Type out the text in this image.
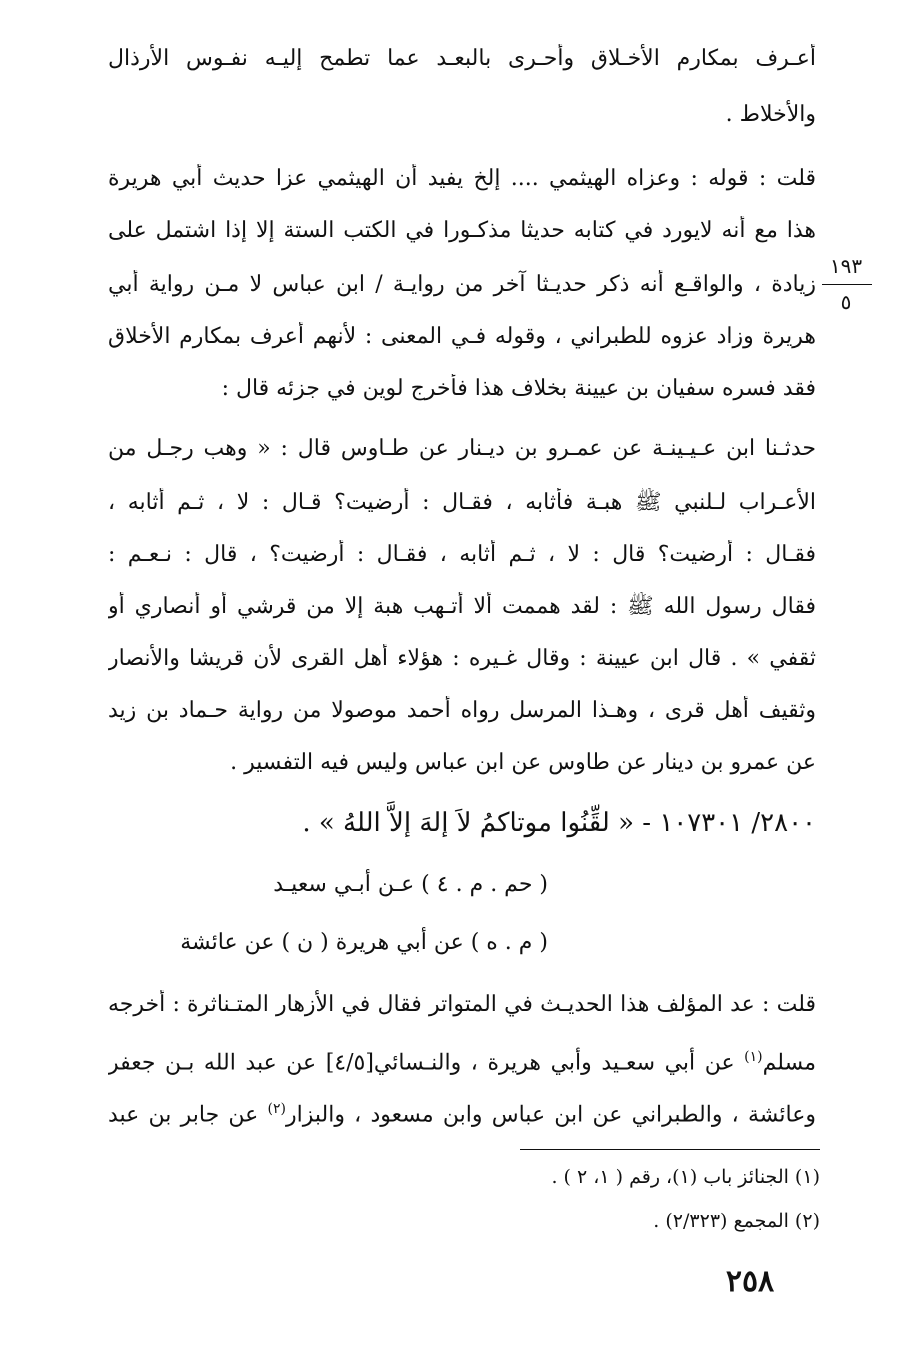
أعـرف بمكارم الأخـلاق وأحـرى بالبعـد عما تطمح إليـه نفـوس الأرذال
والأخلاط .
قلت : قوله : وعزاه الهيثمي .... إلخ يفيد أن الهيثمي عزا حديث أبي هريرة
هذا مع أنه لايورد في كتابه حديثا مذكـورا في الكتب الستة إلا إذا اشتمل على
زيادة ، والواقـع أنه ذكر حديـثا آخر من روايـة / ابن عباس لا مـن رواية أبي
هريرة وزاد عزوه للطبراني ، وقوله فـي المعنى : لأنهم أعرف بمكارم الأخلاق
فقد فسره سفيان بن عيينة بخلاف هذا فأخرج لوين في جزئه قال :
١٩٣
٥
حدثـنا ابن عـيـينـة عن عمـرو بن ديـنار عن طـاوس قال : « وهب رجـل من
الأعـراب لـلنبي ﷺ هبـة فأثابه ، فقـال : أرضيت؟ قـال : لا ، ثـم أثابه ،
فقـال : أرضيت؟ قال : لا ، ثـم أثابه ، فقـال : أرضيت؟ ، قال : نـعـم :
فقال رسول الله ﷺ : لقد هممت ألا أتـهب هبة إلا من قرشي أو أنصاري أو
ثقفي » . قال ابن عيينة : وقال غـيره : هؤلاء أهل القرى لأن قريشا والأنصار
وثقيف أهل قرى ، وهـذا المرسل رواه أحمد موصولا من رواية حـماد بن زيد
عن عمرو بن دينار عن طاوس عن ابن عباس وليس فيه التفسير .
٢٨٠٠/ ١٠٧٣٠١ - « لقِّنُوا موتاكمُ لاَ إلهَ إلاَّ اللهُ » .
( حم . م . ٤ ) عـن أبـي سعيـد
( م . ه ) عن أبي هريرة ( ن ) عن عائشة
قلت : عد المؤلف هذا الحديـث في المتواتر فقال في الأزهار المتـناثرة : أخرجه
مسلم$^{(١)}$ عن أبي سعـيد وأبي هريرة ، والنـسائي[٤/٥] عن عبد الله بـن جعفر
وعائشة ، والطبراني عن ابن عباس وابن مسعود ، والبزار$^{(٢)}$ عن جابر بن عبد
(١) الجنائز باب (١)، رقم ( ١، ٢ ) .
(٢) المجمع (٢/٣٢٣) .
٢٥٨
